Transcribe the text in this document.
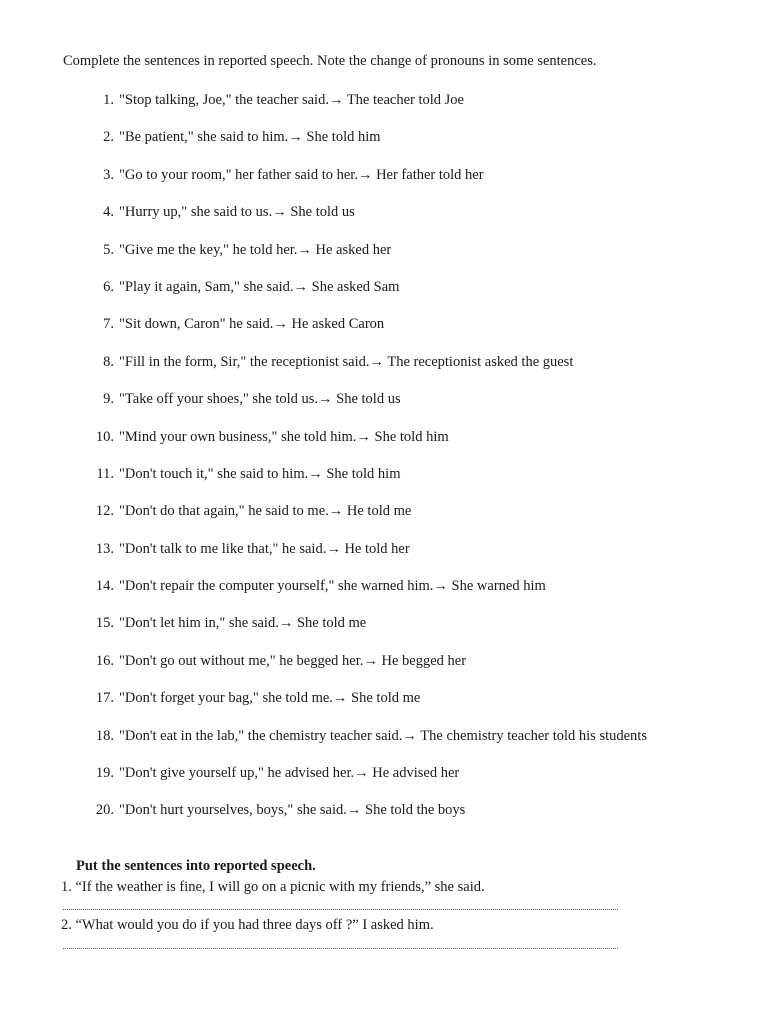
Complete the sentences in reported speech. Note the change of pronouns in some sentences.
1. "Stop talking, Joe," the teacher said.→ The teacher told Joe
2. "Be patient," she said to him.→ She told him
3. "Go to your room," her father said to her.→ Her father told her
4. "Hurry up," she said to us.→ She told us
5. "Give me the key," he told her.→ He asked her
6. "Play it again, Sam," she said.→ She asked Sam
7. "Sit down, Caron" he said.→ He asked Caron
8. "Fill in the form, Sir," the receptionist said.→ The receptionist asked the guest
9. "Take off your shoes," she told us.→ She told us
10. "Mind your own business," she told him.→ She told him
11. "Don't touch it," she said to him.→ She told him
12. "Don't do that again," he said to me.→ He told me
13. "Don't talk to me like that," he said.→ He told her
14. "Don't repair the computer yourself," she warned him.→ She warned him
15. "Don't let him in," she said.→ She told me
16. "Don't go out without me," he begged her.→ He begged her
17. "Don't forget your bag," she told me.→ She told me
18. "Don't eat in the lab," the chemistry teacher said.→ The chemistry teacher told his students
19. "Don't give yourself up," he advised her.→ He advised her
20. "Don't hurt yourselves, boys," she said.→ She told the boys
Put the sentences into reported speech.
1. “If the weather is fine, I will go on a picnic with my friends,” she said.
2. “What would you do if you had three days off ?” I asked him.
